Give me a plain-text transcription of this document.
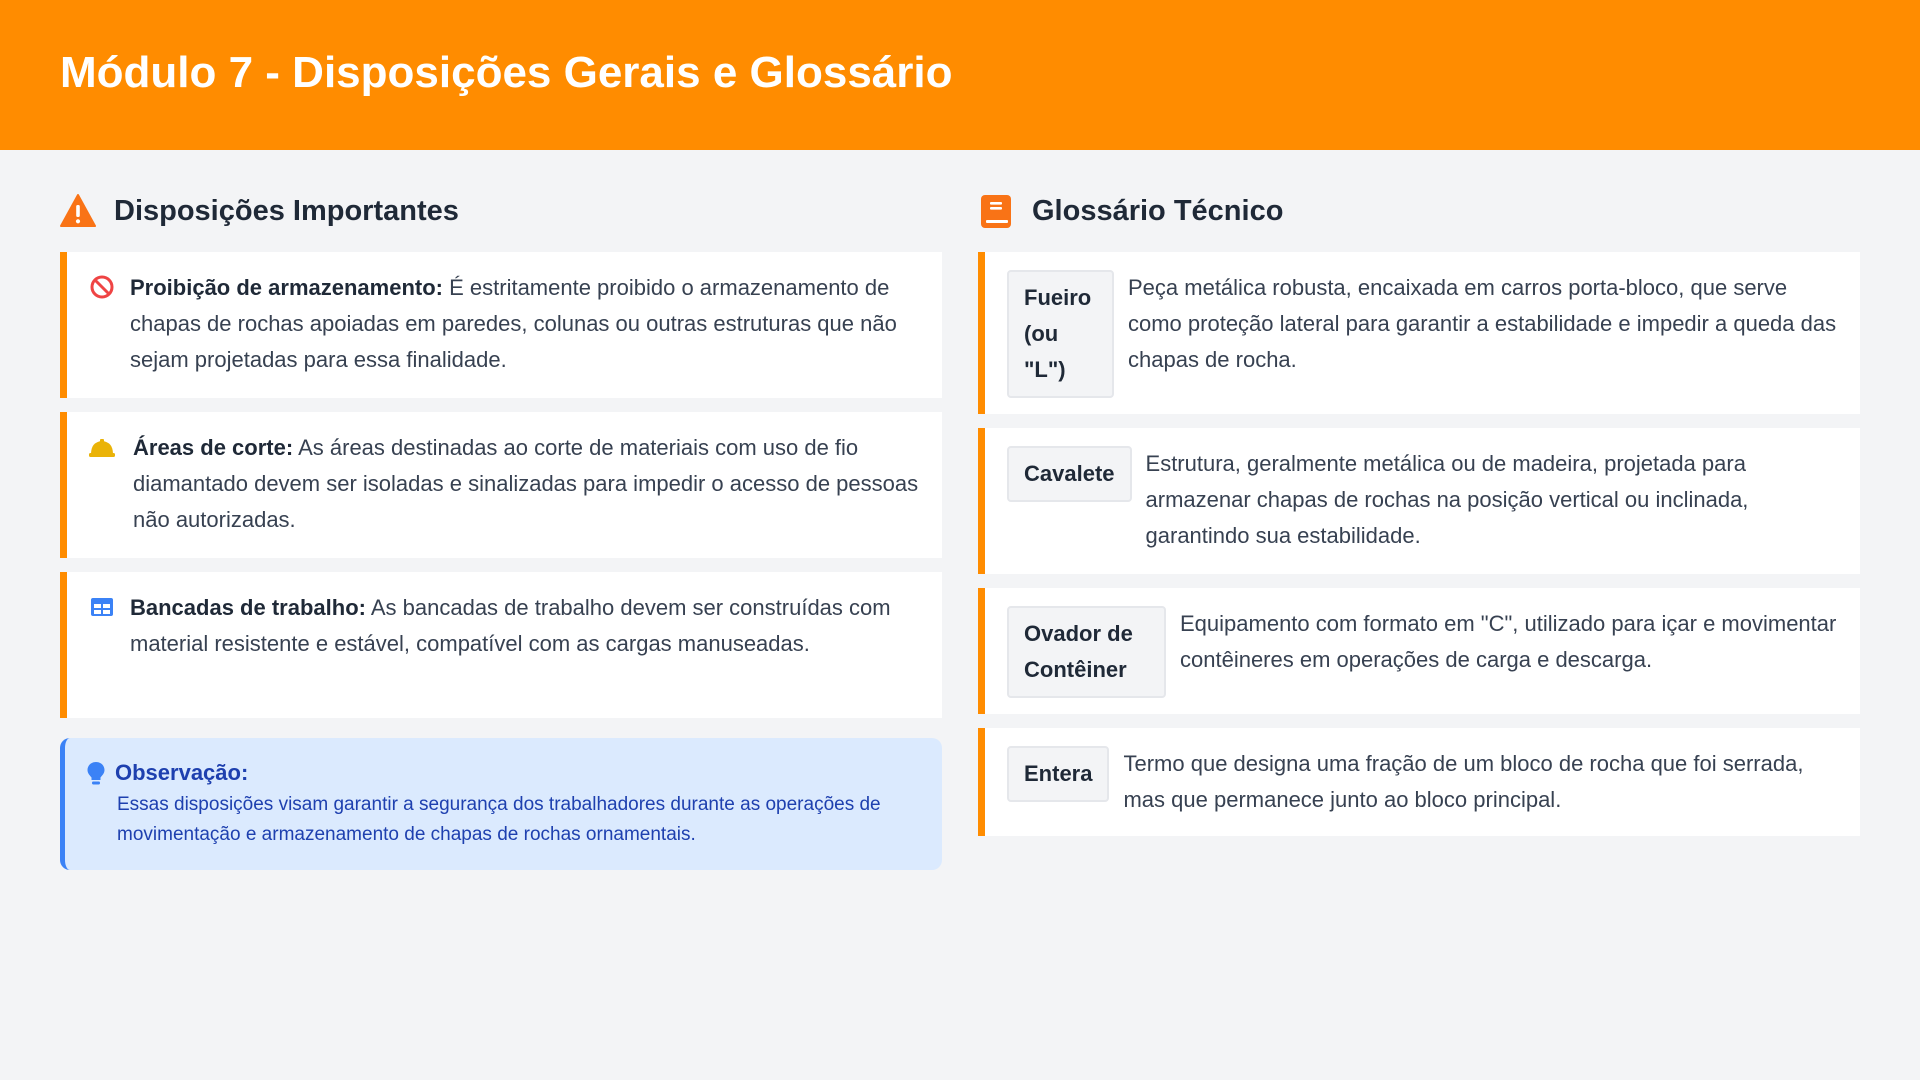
Módulo 7 - Disposições Gerais e Glossário
Disposições Importantes
Proibição de armazenamento: É estritamente proibido o armazenamento de chapas de rochas apoiadas em paredes, colunas ou outras estruturas que não sejam projetadas para essa finalidade.
Áreas de corte: As áreas destinadas ao corte de materiais com uso de fio diamantado devem ser isoladas e sinalizadas para impedir o acesso de pessoas não autorizadas.
Bancadas de trabalho: As bancadas de trabalho devem ser construídas com material resistente e estável, compatível com as cargas manuseadas.
Observação:
Essas disposições visam garantir a segurança dos trabalhadores durante as operações de movimentação e armazenamento de chapas de rochas ornamentais.
Glossário Técnico
Fueiro (ou "L")
Peça metálica robusta, encaixada em carros porta-bloco, que serve como proteção lateral para garantir a estabilidade e impedir a queda das chapas de rocha.
Cavalete	Estrutura, geralmente metálica ou de madeira, projetada para armazenar chapas de rochas na posição vertical ou inclinada, garantindo sua estabilidade.
Ovador de Contêiner
Equipamento com formato em "C", utilizado para içar e movimentar contêineres em operações de carga e descarga.
Entera	Termo que designa uma fração de um bloco de rocha que foi serrada, mas que permanece junto ao bloco principal.
